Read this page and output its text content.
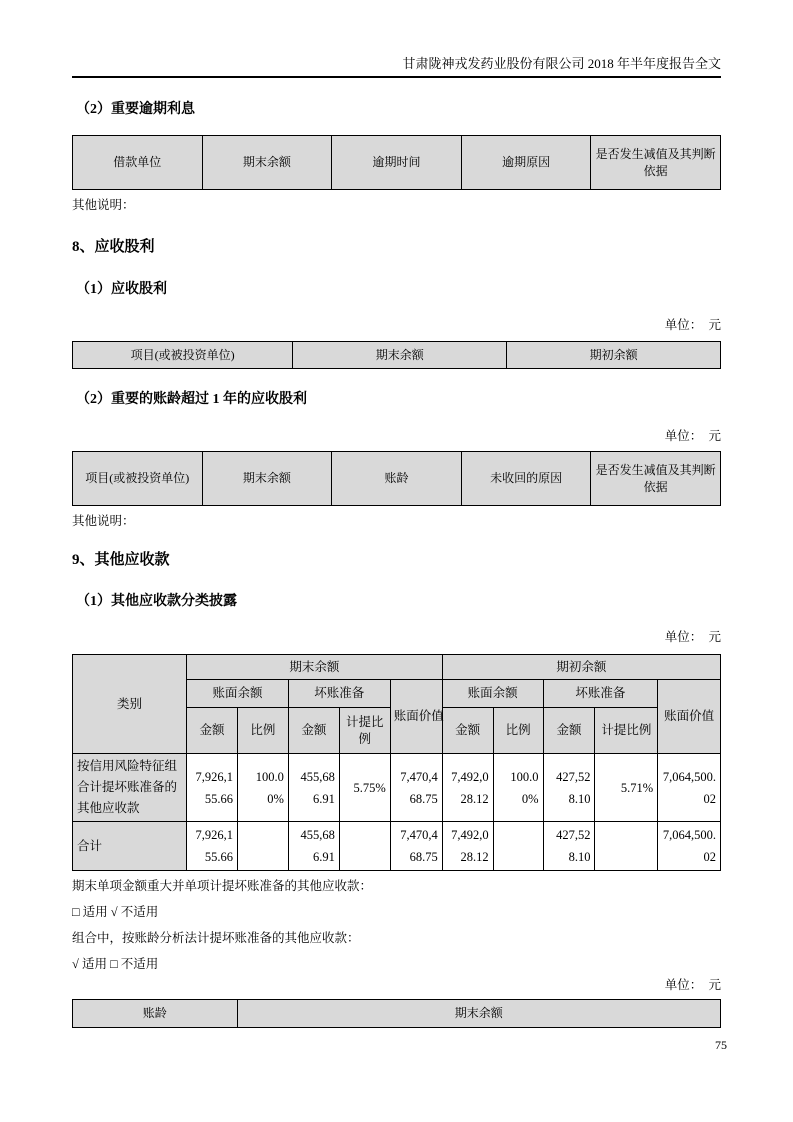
甘肃陇神戎发药业股份有限公司 2018 年半年度报告全文
（2）重要逾期利息
借款单位	期末余额	逾期时间	逾期原因	是否发生减值及其判断依据
其他说明：
8、应收股利
（1）应收股利
单位：　元
项目(或被投资单位)	期末余额	期初余额
（2）重要的账龄超过 1 年的应收股利
单位：　元
项目(或被投资单位)	期末余额	账龄	未收回的原因	是否发生减值及其判断依据
其他说明：
9、其他应收款
（1）其他应收款分类披露
单位：　元
类别	期末余额					期初余额				
	账面余额		坏账准备		账面价值	账面余额		坏账准备		账面价值
	金额	比例	金额	计提比例		金额	比例	金额	计提比例	
按信用风险特征组合计提坏账准备的其他应收款	7,926,155.66	100.00%	455,686.91	5.75%	7,470,468.75	7,492,028.12	100.00%	427,528.10	5.71%	7,064,500.02
合计	7,926,155.66		455,686.91		7,470,468.75	7,492,028.12		427,528.10		7,064,500.02
期末单项金额重大并单项计提坏账准备的其他应收款：
□ 适用 √ 不适用
组合中，按账龄分析法计提坏账准备的其他应收款：
√ 适用 □ 不适用
单位：　元
账龄	期末余额
75
